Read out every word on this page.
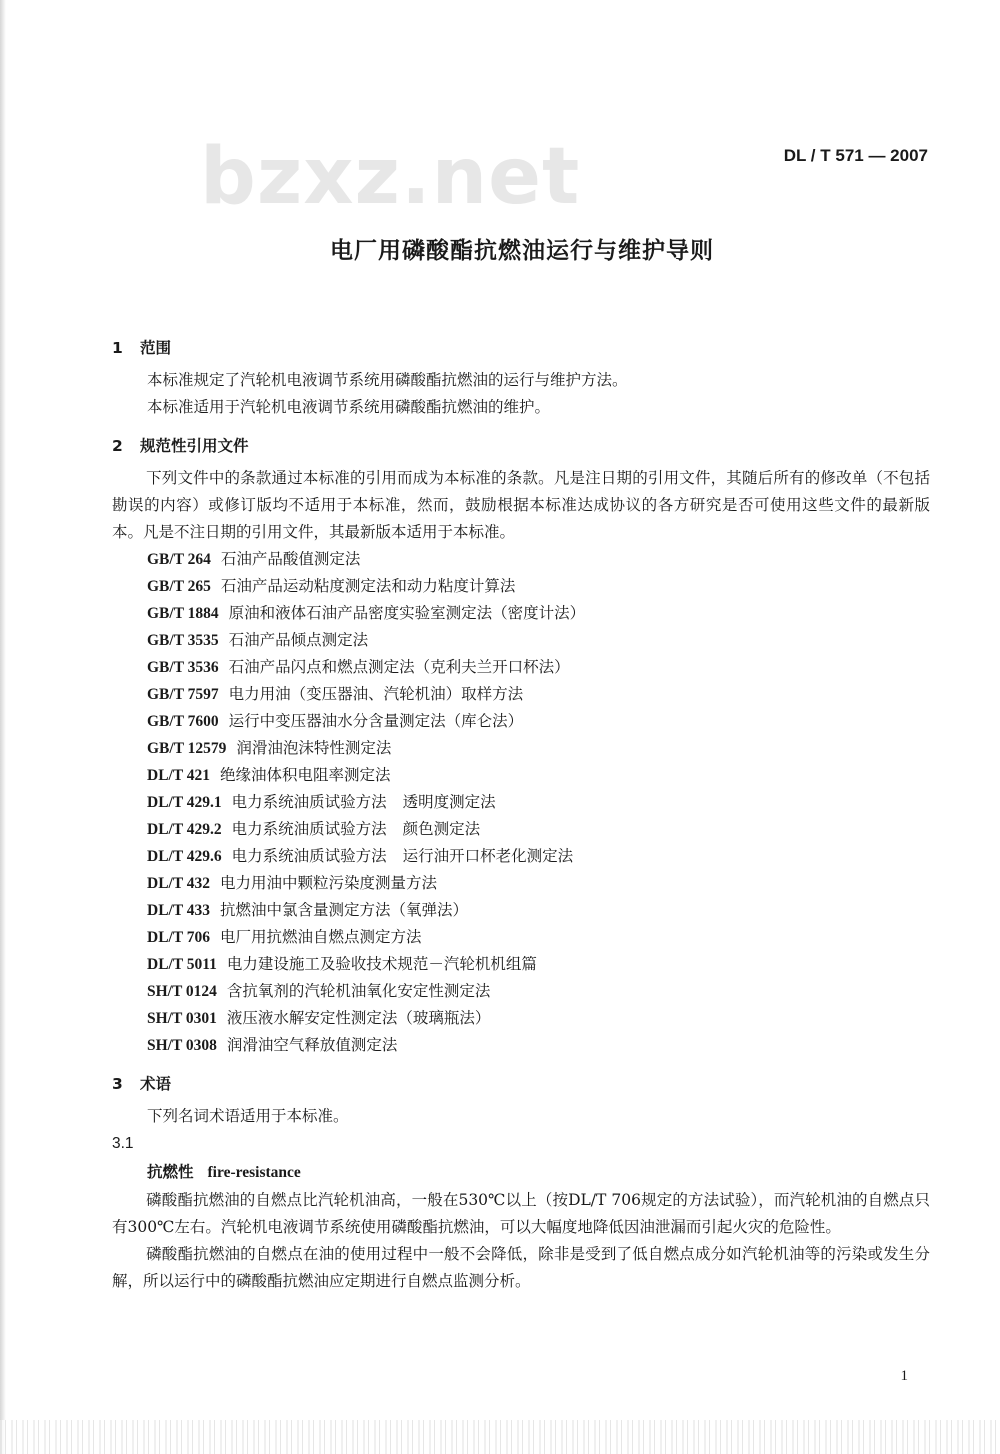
bzxz.net	DL / T 571 — 2007
电厂用磷酸酯抗燃油运行与维护导则
1 范围
本标准规定了汽轮机电液调节系统用磷酸酯抗燃油的运行与维护方法。
本标准适用于汽轮机电液调节系统用磷酸酯抗燃油的维护。
2 规范性引用文件

下列文件中的条款通过本标准的引用而成为本标准的条款。凡是注日期的引用文件，其随后所有的修改单（不包括勘误的内容）或修订版均不适用于本标准，然而，鼓励根据本标准达成协议的各方研究是否可使用这些文件的最新版本。凡是不注日期的引用文件，其最新版本适用于本标准。

GB/T 264 石油产品酸值测定法
GB/T 265 石油产品运动粘度测定法和动力粘度计算法
GB/T 1884 原油和液体石油产品密度实验室测定法（密度计法）
GB/T 3535 石油产品倾点测定法
GB/T 3536 石油产品闪点和燃点测定法（克利夫兰开口杯法）
GB/T 7597 电力用油（变压器油、汽轮机油）取样方法
GB/T 7600 运行中变压器油水分含量测定法（库仑法）
GB/T 12579 润滑油泡沫特性测定法
DL/T 421 绝缘油体积电阻率测定法
DL/T 429.1 电力系统油质试验方法 透明度测定法
DL/T 429.2 电力系统油质试验方法 颜色测定法
DL/T 429.6 电力系统油质试验方法 运行油开口杯老化测定法
DL/T 432 电力用油中颗粒污染度测量方法
DL/T 433 抗燃油中氯含量测定方法（氧弹法）
DL/T 706 电厂用抗燃油自燃点测定方法
DL/T 5011 电力建设施工及验收技术规范－汽轮机机组篇
SH/T 0124 含抗氧剂的汽轮机油氧化安定性测定法
SH/T 0301 液压液水解安定性测定法（玻璃瓶法）
SH/T 0308 润滑油空气释放值测定法
3 术语
下列名词术语适用于本标准。
3.1
抗燃性 fire-resistance

磷酸酯抗燃油的自燃点比汽轮机油高，一般在530℃以上（按DL/T 706规定的方法试验），而汽轮机油的自燃点只有300℃左右。汽轮机电液调节系统使用磷酸酯抗燃油，可以大幅度地降低因油泄漏而引起火灾的危险性。

磷酸酯抗燃油的自燃点在油的使用过程中一般不会降低，除非是受到了低自燃点成分如汽轮机油等的污染或发生分解，所以运行中的磷酸酯抗燃油应定期进行自燃点监测分析。

1
